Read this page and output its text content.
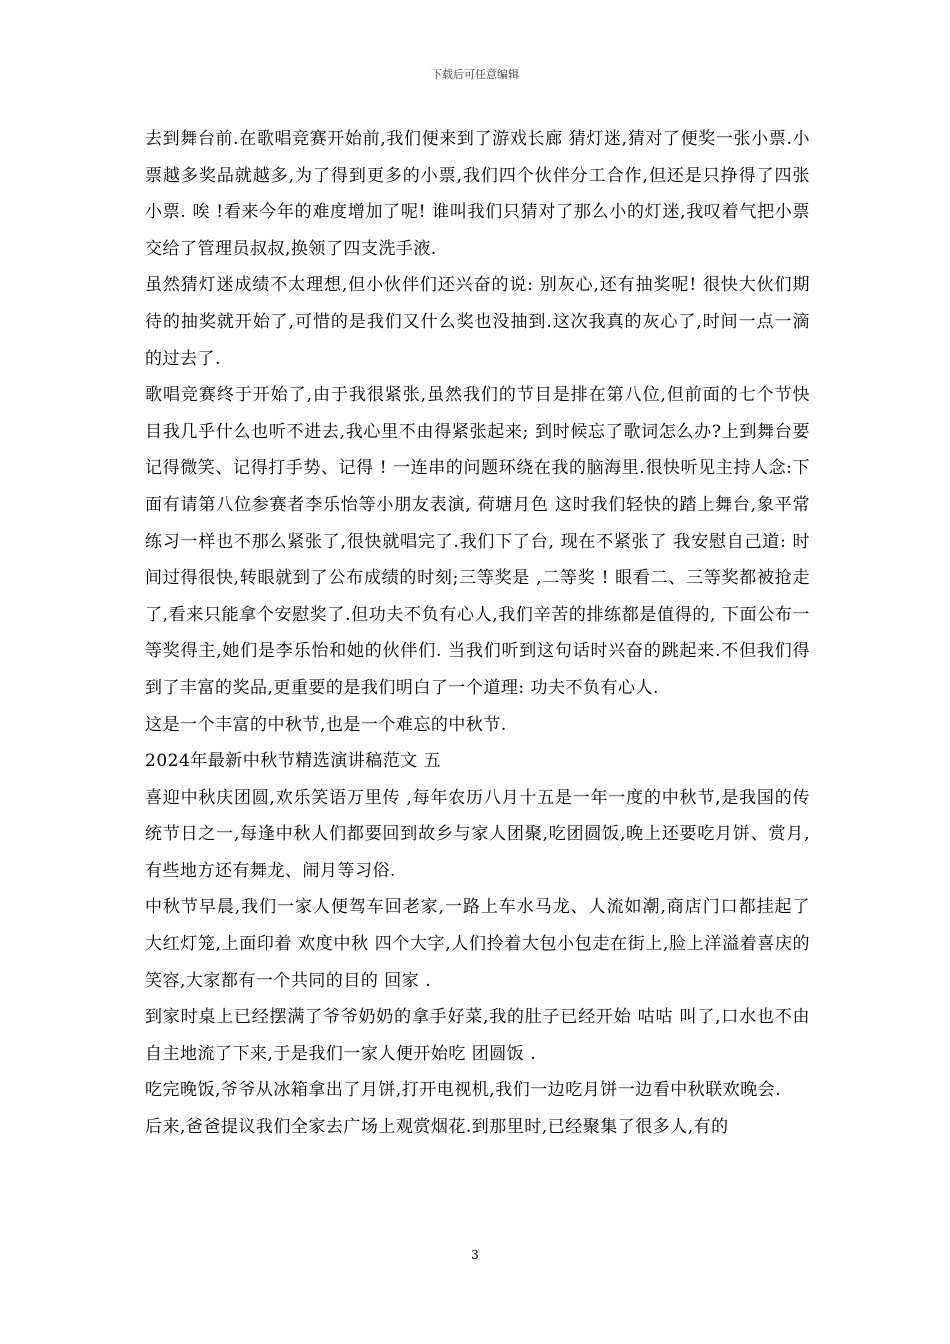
下载后可任意编辑

去到舞台前.在歌唱竞赛开始前,我们便来到了游戏长廊 猜灯迷,猜对了便奖一张小票.小票越多奖品就越多,为了得到更多的小票,我们四个伙伴分工合作,但还是只挣得了四张小票. 唉 !看来今年的难度增加了呢! 谁叫我们只猜对了那么小的灯迷,我叹着气把小票交给了管理员叔叔,换领了四支洗手液.

虽然猜灯迷成绩不太理想,但小伙伴们还兴奋的说: 别灰心,还有抽奖呢! 很快大伙们期待的抽奖就开始了,可惜的是我们又什么奖也没抽到.这次我真的灰心了,时间一点一滴的过去了.

歌唱竞赛终于开始了,由于我很紧张,虽然我们的节目是排在第八位,但前面的七个节快目我几乎什么也听不进去,我心里不由得紧张起来; 到时候忘了歌词怎么办?上到舞台要记得微笑、记得打手势、记得 ! 一连串的问题环绕在我的脑海里.很快听见主持人念:下面有请第八位参赛者李乐怡等小朋友表演, 荷塘月色 这时我们轻快的踏上舞台,象平常练习一样也不那么紧张了,很快就唱完了.我们下了台, 现在不紧张了 我安慰自己道: 时间过得很快,转眼就到了公布成绩的时刻;三等奖是 ,二等奖 ! 眼看二、三等奖都被抢走了,看来只能拿个安慰奖了.但功夫不负有心人,我们辛苦的排练都是值得的, 下面公布一等奖得主,她们是李乐怡和她的伙伴们. 当我们听到这句话时兴奋的跳起来.不但我们得到了丰富的奖品,更重要的是我们明白了一个道理: 功夫不负有心人.

这是一个丰富的中秋节,也是一个难忘的中秋节.

2024年最新中秋节精选演讲稿范文 五

喜迎中秋庆团圆,欢乐笑语万里传 ,每年农历八月十五是一年一度的中秋节,是我国的传统节日之一,每逢中秋人们都要回到故乡与家人团聚,吃团圆饭,晚上还要吃月饼、赏月,有些地方还有舞龙、闹月等习俗.

中秋节早晨,我们一家人便驾车回老家,一路上车水马龙、人流如潮,商店门口都挂起了大红灯笼,上面印着 欢度中秋 四个大字,人们拎着大包小包走在街上,脸上洋溢着喜庆的笑容,大家都有一个共同的目的 回家 .

到家时桌上已经摆满了爷爷奶奶的拿手好菜,我的肚子已经开始 咕咕 叫了,口水也不由自主地流了下来,于是我们一家人便开始吃 团圆饭 .

吃完晚饭,爷爷从冰箱拿出了月饼,打开电视机,我们一边吃月饼一边看中秋联欢晚会.

后来,爸爸提议我们全家去广场上观赏烟花.到那里时,已经聚集了很多人,有的

3
